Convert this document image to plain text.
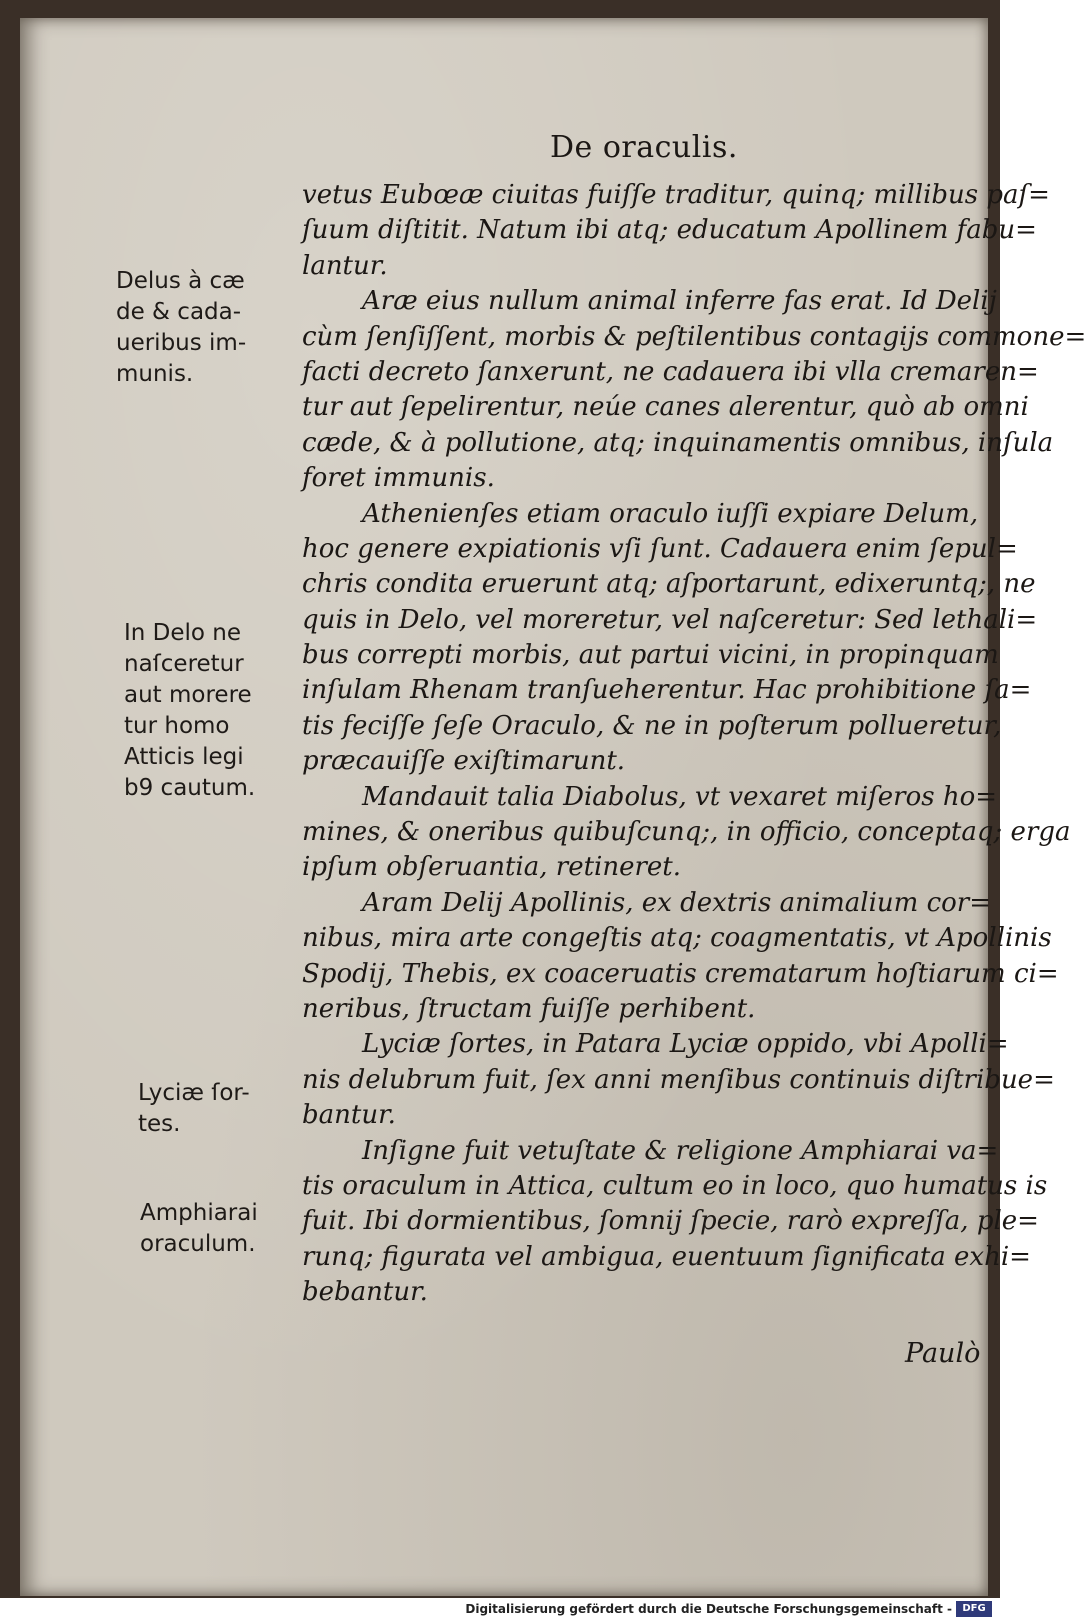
De oraculis.
vetus Eubœæ ciuitas fuiſſe traditur, quinq; millibus paſ=
ſuum diſtitit. Natum ibi atq; educatum Apollinem fabu=
lantur.
Aræ eius nullum animal inferre fas erat. Id Delij
cùm ſenſiſſent, morbis & peſtilentibus contagijs commone=
facti decreto ſanxerunt, ne cadauera ibi vlla cremaren=
tur aut ſepelirentur, neúe canes alerentur, quò ab omni
cæde, & à pollutione, atq; inquinamentis omnibus, inſula
foret immunis.
Athenienſes etiam oraculo iuſſi expiare Delum,
hoc genere expiationis vſi ſunt. Cadauera enim ſepul=
chris condita eruerunt atq; aſportarunt, edixeruntq;, ne
quis in Delo, vel moreretur, vel naſceretur: Sed lethali=
bus correpti morbis, aut partui vicini, in propinquam
inſulam Rhenam tranſueherentur. Hac prohibitione ſa=
tis feciſſe ſeſe Oraculo, & ne in poſterum pollueretur,
præcauiſſe exiſtimarunt.
Mandauit talia Diabolus, vt vexaret miſeros ho=
mines, & oneribus quibuſcunq;, in officio, conceptaq; erga
ipſum obſeruantia, retineret.
Aram Delij Apollinis, ex dextris animalium cor=
nibus, mira arte congeſtis atq; coagmentatis, vt Apollinis
Spodij, Thebis, ex coaceruatis crematarum hoſtiarum ci=
neribus, ſtructam fuiſſe perhibent.
Lyciæ ſortes, in Patara Lyciæ oppido, vbi Apolli=
nis delubrum fuit, ſex anni menſibus continuis diſtribue=
bantur.
Inſigne fuit vetuſtate & religione Amphiarai va=
tis oraculum in Attica, cultum eo in loco, quo humatus is
fuit. Ibi dormientibus, ſomnij ſpecie, rarò expreſſa, ple=
runq; figurata vel ambigua, euentuum ſignificata exhi=
bebantur.
Delus à cæ
de & cada-
ueribus im-
munis.
In Delo ne
naſceretur
aut morere
tur homo
Atticis legi
b9 cautum.
Lyciæ ſor-
tes.
Amphiarai
oraculum.
Paulò
Digitalisierung gefördert durch die Deutsche Forschungsgemeinschaft -	DFG
